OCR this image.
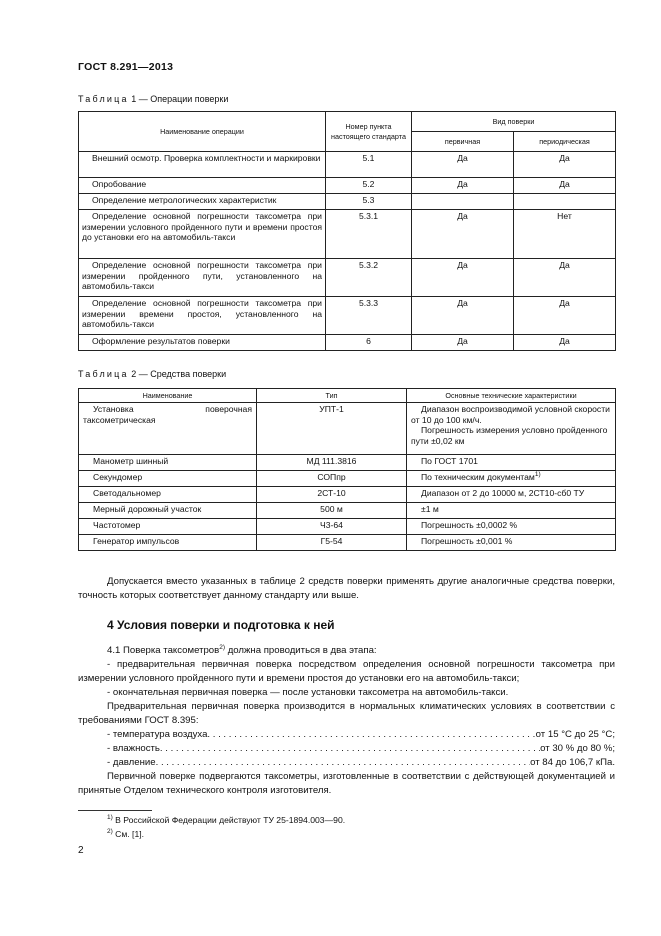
ГОСТ 8.291—2013
Таблица 1 — Операции поверки
Наименование операции	Номер пункта настоящего стандарта	Вид поверки	
		первичная	периодическая
Внешний осмотр. Проверка комплектности и маркировки	5.1	Да	Да
Опробование	5.2	Да	Да
Определение метрологических характеристик	5.3		
Определение основной погрешности таксометра при измерении условного пройденного пути и времени простоя до установки его на автомобиль-такси	5.3.1	Да	Нет
Определение основной погрешности таксометра при измерении пройденного пути, установленного на автомобиль-такси	5.3.2	Да	Да
Определение основной погрешности таксометра при измерении времени простоя, установленного на автомобиль-такси	5.3.3	Да	Да
Оформление результатов поверки	6	Да	Да
Таблица 2 — Средства поверки
Наименование	Тип	Основные технические характеристики
Установка поверочная таксометрическая	УПТ-1	Диапазон воспроизводимой условной скорости от 10 до 100 км/ч.
Погрешность измерения условно пройденного пути ±0,02 км

Манометр шинный	МД 111.3816	По ГОСТ 1701
Секундомер	СОПпр	По техническим документам$^{1)}$
Светодальномер	2СТ-10	Диапазон от 2 до 10000 м, 2СТ10-сб0 ТУ
Мерный дорожный участок	500 м	±1 м
Частотомер	Ч3-64	Погрешность ±0,0002 %
Генератор импульсов	Г5-54	Погрешность ±0,001 %

Допускается вместо указанных в таблице 2 средств поверки применять другие аналогичные средства поверки, точность которых соответствует данному стандарту или выше.

4 Условия поверки и подготовка к ней

4.1 Поверка таксометров$^{2)}$ должна проводиться в два этапа:

- предварительная первичная поверка посредством определения основной погрешности таксометра при измерении условного пройденного пути и времени простоя до установки его на автомобиль-такси;

- окончательная первичная поверка — после установки таксометра на автомобиль-такси.

Предварительная первичная поверка производится в нормальных климатических условиях в соответствии с требованиями ГОСТ 8.395:

- температура воздуха . . .	от 15 °С до 25 °С;
- влажность . . .	от 30 % до 80 %;
- давление . . .	от 84 до 106,7 кПа.

Первичной поверке подвергаются таксометры, изготовленные в соответствии с действующей документацией и принятые Отделом технического контроля изготовителя.

$^{1)}$ В Российской Федерации действуют ТУ 25-1894.003—90.
$^{2)}$ См. [1].
2
